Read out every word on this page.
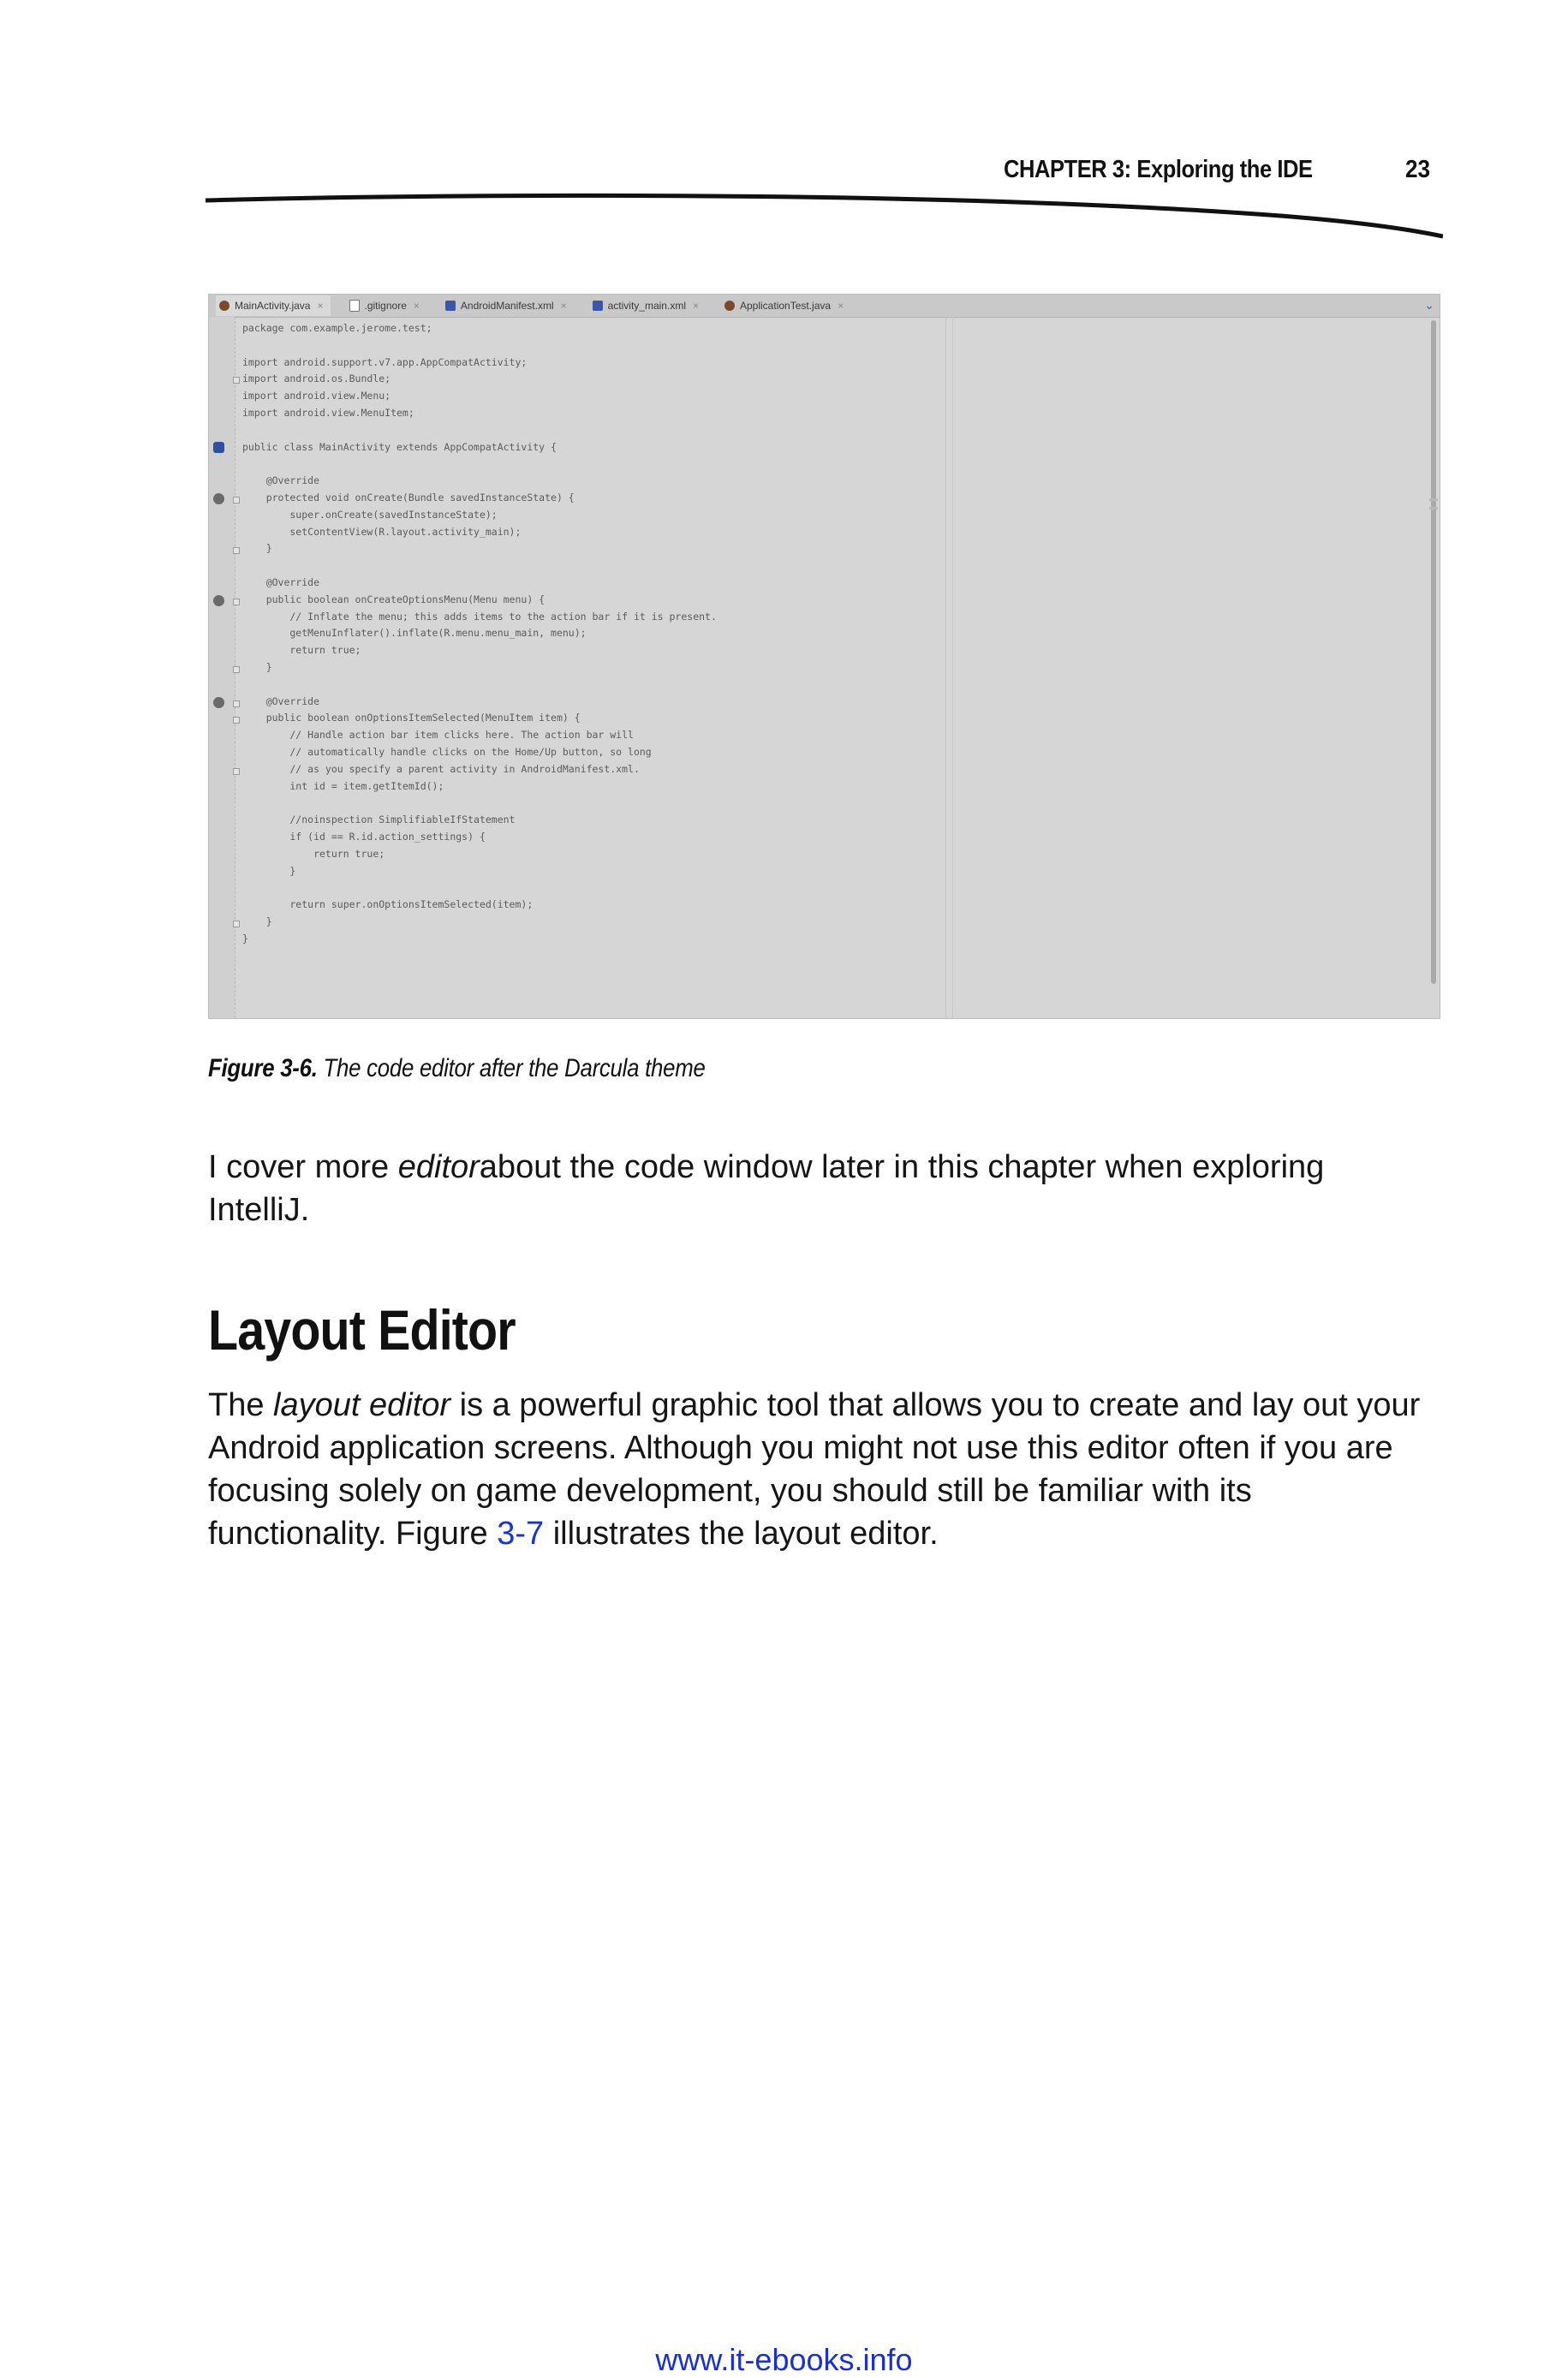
CHAPTER 3: Exploring the IDE	23
MainActivity.java ×	.gitignore ×	AndroidManifest.xml ×	activity_main.xml ×	ApplicationTest.java ×	⌄
package com.example.jerome.test;
import android.support.v7.app.AppCompatActivity;
import android.os.Bundle;
import android.view.Menu;
import android.view.MenuItem;
public class MainActivity extends AppCompatActivity {
@Override
protected void onCreate(Bundle savedInstanceState) {
super.onCreate(savedInstanceState);
setContentView(R.layout.activity_main);
}
@Override
public boolean onCreateOptionsMenu(Menu menu) {
// Inflate the menu; this adds items to the action bar if it is present.
getMenuInflater().inflate(R.menu.menu_main, menu);
return true;
}
@Override
public boolean onOptionsItemSelected(MenuItem item) {
// Handle action bar item clicks here. The action bar will
// automatically handle clicks on the Home/Up button, so long
// as you specify a parent activity in AndroidManifest.xml.
int id = item.getItemId();
//noinspection SimplifiableIfStatement
if (id == R.id.action_settings) {
return true;
}
return super.onOptionsItemSelected(item);
}
}
Figure 3-6. The code editor after the Darcula theme

I cover more editorabout the code window later in this chapter when exploring IntelliJ.

Layout Editor

The layout editor is a powerful graphic tool that allows you to create and lay out your Android application screens. Although you might not use this editor often if you are focusing solely on game development, you should still be familiar with its functionality. Figure 3-7 illustrates the layout editor.

www.it-ebooks.info
